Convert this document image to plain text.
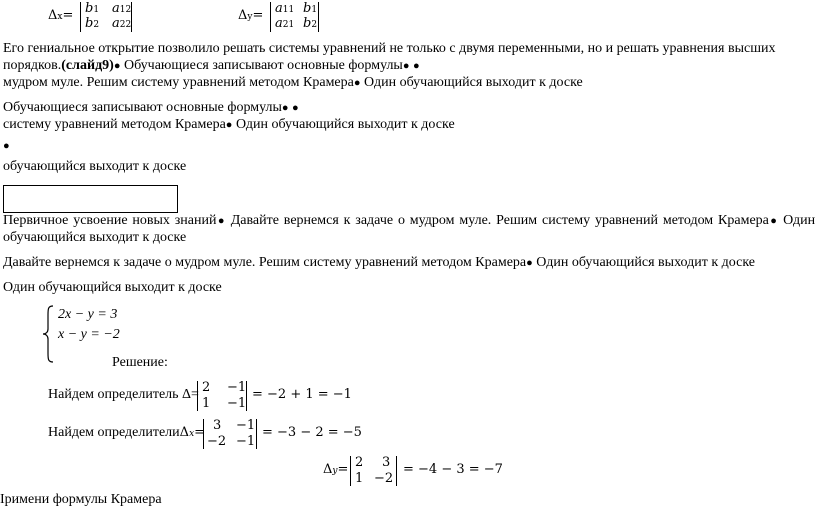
Δx= b1 a12
b2 a22
Δy= a11 b1
a21 b2
Его гениальное открытие позволило решать системы уравнений не только с двумя переменными, но и решать уравнения высших
порядков.(слайд9)● Обучающиеся записывают основные формулы● ●
мудром муле. Решим систему уравнений методом Крамера● Один обучающийся выходит к доске
Обучающиеся записывают основные формулы● ●
систему уравнений методом Крамера● Один обучающийся выходит к доске
●
обучающийся выходит к доске
Первичное усвоение новых знаний● Давайте вернемся к задаче о мудром муле. Решим систему уравнений методом Крамера● Один
обучающийся выходит к доске
Давайте вернемся к задаче о мудром муле. Решим систему уравнений методом Крамера● Один обучающийся выходит к доске
Один обучающийся выходит к доске
2x − y = 3
x − y = −2
Решение:
Найдем определитель Δ= 2 −1
1 −1
= −2 + 1 = −1
Найдем определителиΔx= 3 −1
−2 −1
= −3 − 2 = −5
Δy= 2 3
1 −2
= −4 − 3 = −7
Іримени формулы Крамера
